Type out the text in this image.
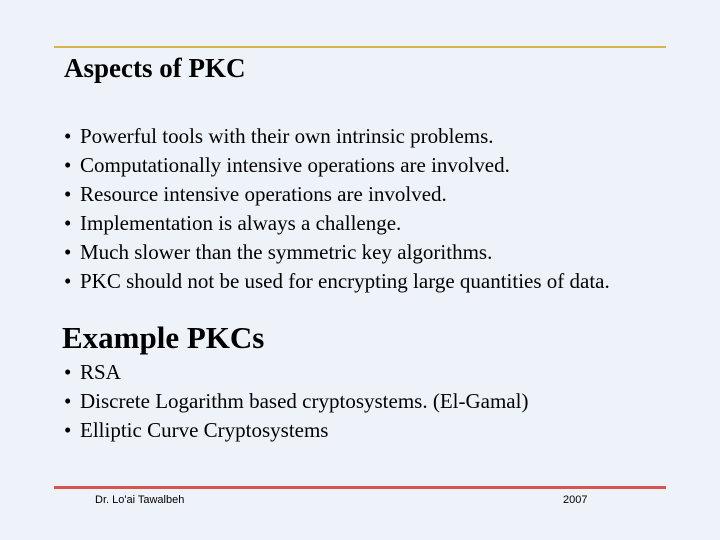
Aspects of PKC
• Powerful tools with their own intrinsic problems.
• Computationally intensive operations are involved.
• Resource intensive operations are involved.
• Implementation is always a challenge.
• Much slower than the symmetric key algorithms.
• PKC should not be used for encrypting large quantities of data.
Example PKCs
• RSA
• Discrete Logarithm based cryptosystems. (El-Gamal)
• Elliptic Curve Cryptosystems
Dr. Lo'ai Tawalbeh	2007
